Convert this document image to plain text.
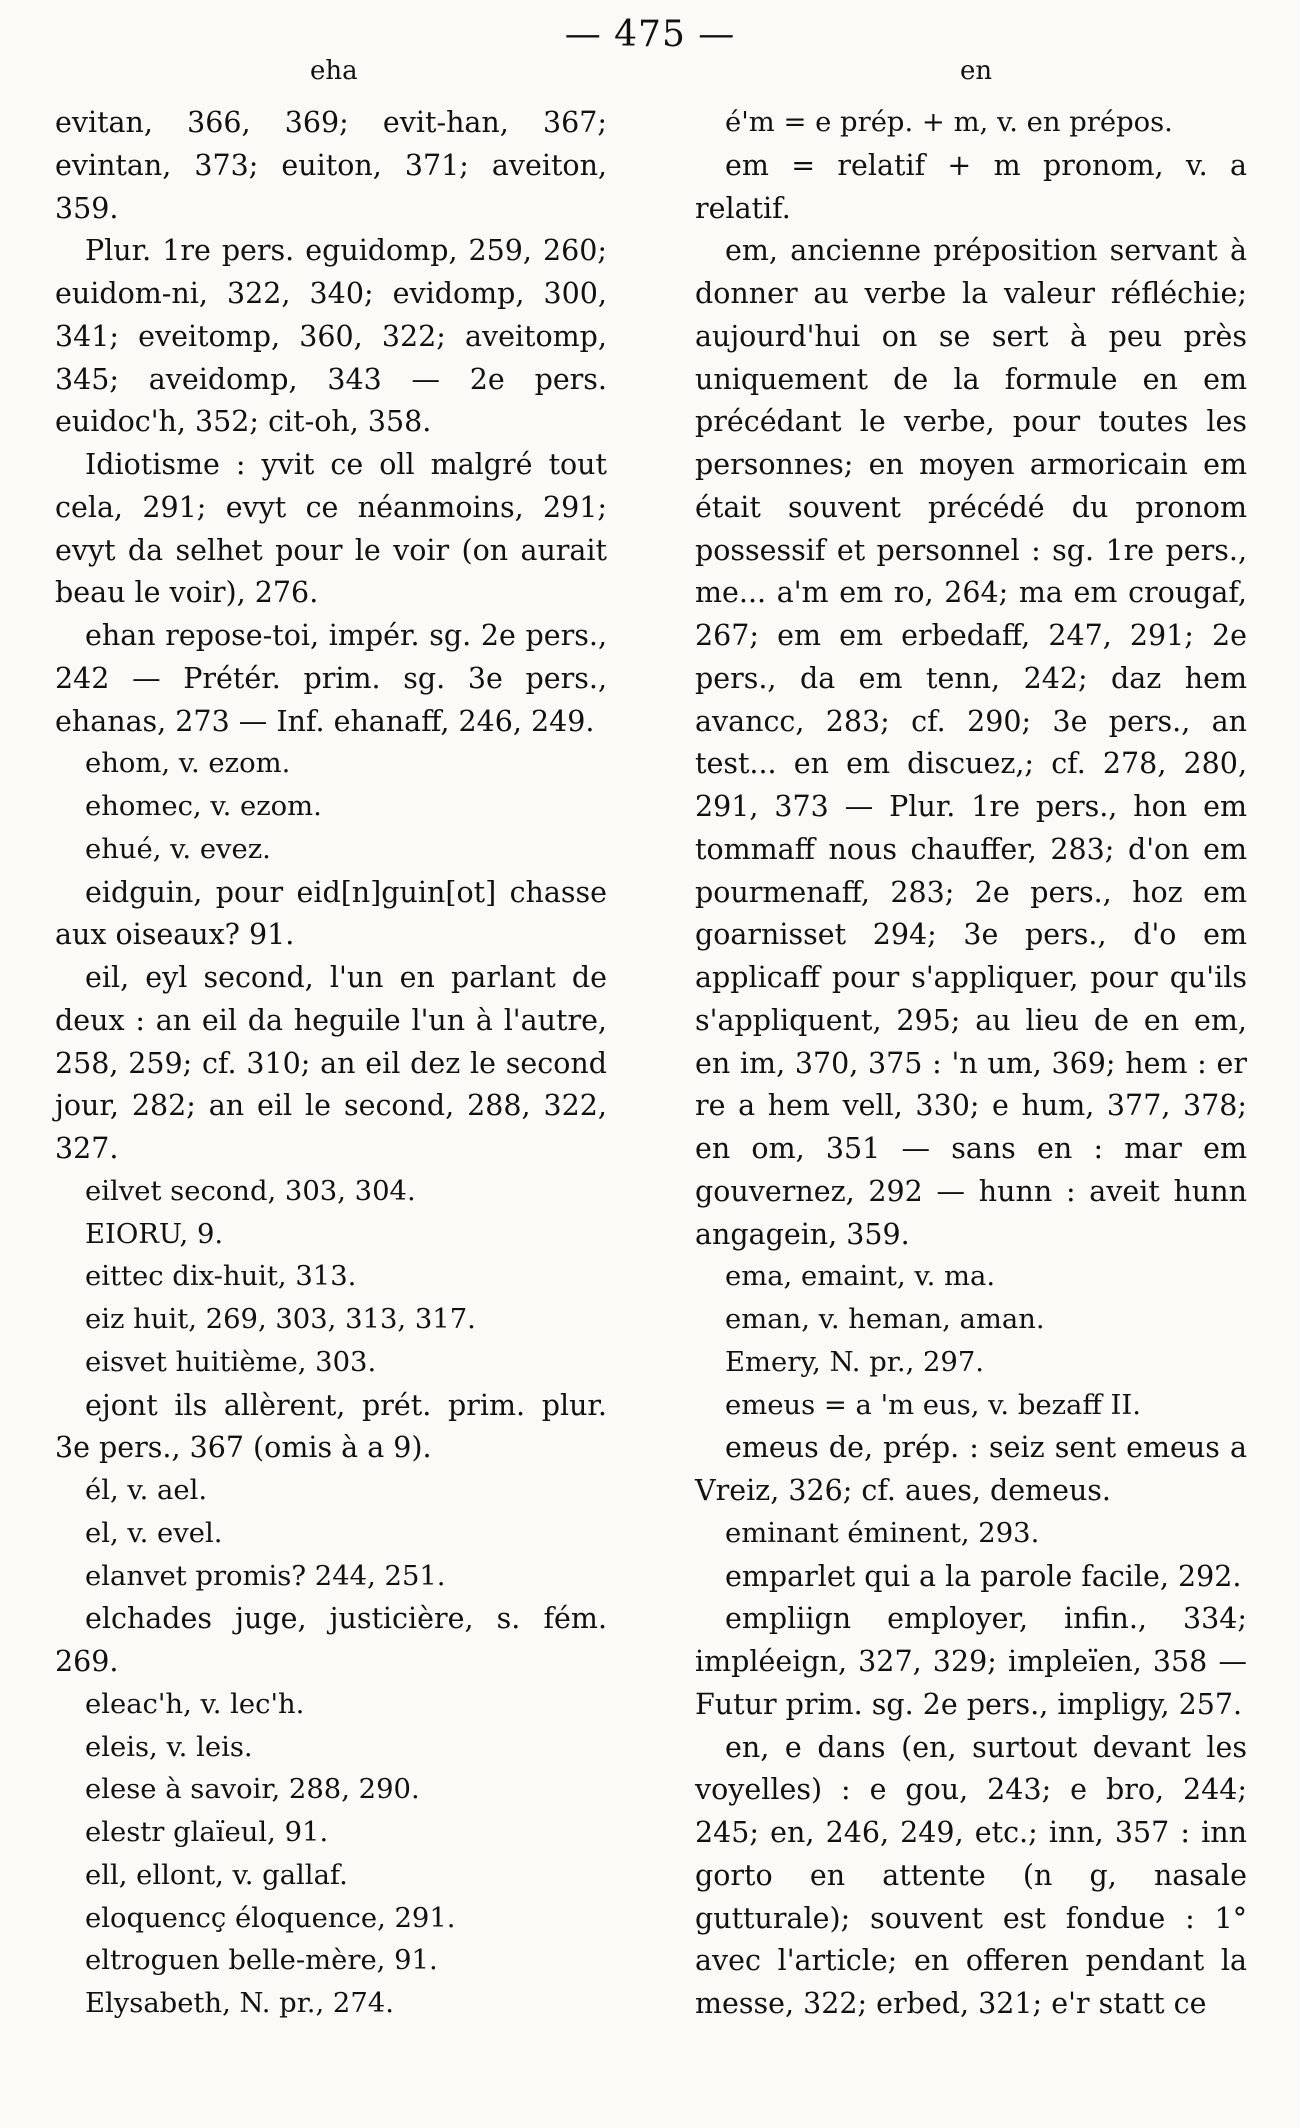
— 475 —
eha	en

evitan, 366, 369; evit-han, 367; evintan, 373; euiton, 371; aveiton, 359.

Plur. 1re pers. eguidomp, 259, 260; euidom-ni, 322, 340; evidomp, 300, 341; eveitomp, 360, 322; aveitomp, 345; aveidomp, 343 — 2e pers. euidoc'h, 352; cit-oh, 358.

Idiotisme : yvit ce oll malgré tout cela, 291; evyt ce néanmoins, 291; evyt da selhet pour le voir (on aurait beau le voir), 276.

ehan repose-toi, impér. sg. 2e pers., 242 — Prétér. prim. sg. 3e pers., ehanas, 273 — Inf. ehanaff, 246, 249.

ehom, v. ezom.

ehomec, v. ezom.

ehué, v. evez.

eidguin, pour eid[n]guin[ot] chasse aux oiseaux? 91.

eil, eyl second, l'un en parlant de deux : an eil da heguile l'un à l'autre, 258, 259; cf. 310; an eil dez le second jour, 282; an eil le second, 288, 322, 327.

eilvet second, 303, 304.

EIORU, 9.

eittec dix-huit, 313.

eiz huit, 269, 303, 313, 317.

eisvet huitième, 303.

ejont ils allèrent, prét. prim. plur. 3e pers., 367 (omis à a 9).

él, v. ael.

el, v. evel.

elanvet promis? 244, 251.

elchades juge, justicière, s. fém. 269.

eleac'h, v. lec'h.

eleis, v. leis.

elese à savoir, 288, 290.

elestr glaïeul, 91.

ell, ellont, v. gallaf.

eloquencç éloquence, 291.

eltroguen belle-mère, 91.

Elysabeth, N. pr., 274.

é'm = e prép. + m, v. en prépos.

em = relatif + m pronom, v. a relatif.

em, ancienne préposition servant à donner au verbe la valeur réfléchie; aujourd'hui on se sert à peu près uniquement de la formule en em précédant le verbe, pour toutes les personnes; en moyen armoricain em était souvent précédé du pronom possessif et personnel : sg. 1re pers., me... a'm em ro, 264; ma em crougaf, 267; em em erbedaff, 247, 291; 2e pers., da em tenn, 242; daz hem avancc, 283; cf. 290; 3e pers., an test... en em discuez,; cf. 278, 280, 291, 373 — Plur. 1re pers., hon em tommaff nous chauffer, 283; d'on em pourmenaff, 283; 2e pers., hoz em goarnisset 294; 3e pers., d'o em applicaff pour s'appliquer, pour qu'ils s'appliquent, 295; au lieu de en em, en im, 370, 375 : 'n um, 369; hem : er re a hem vell, 330; e hum, 377, 378; en om, 351 — sans en : mar em gouvernez, 292 — hunn : aveit hunn angagein, 359.

ema, emaint, v. ma.

eman, v. heman, aman.

Emery, N. pr., 297.

emeus = a 'm eus, v. bezaff II.

emeus de, prép. : seiz sent emeus a Vreiz, 326; cf. aues, demeus.

eminant éminent, 293.

emparlet qui a la parole facile, 292.

empliign employer, infin., 334; impléeign, 327, 329; impleïen, 358 — Futur prim. sg. 2e pers., impligy, 257.

en, e dans (en, surtout devant les voyelles) : e gou, 243; e bro, 244; 245; en, 246, 249, etc.; inn, 357 : inn gorto en attente (n g, nasale gutturale); souvent est fondue : 1° avec l'article; en offeren pendant la messe, 322; erbed, 321; e'r statt ce
